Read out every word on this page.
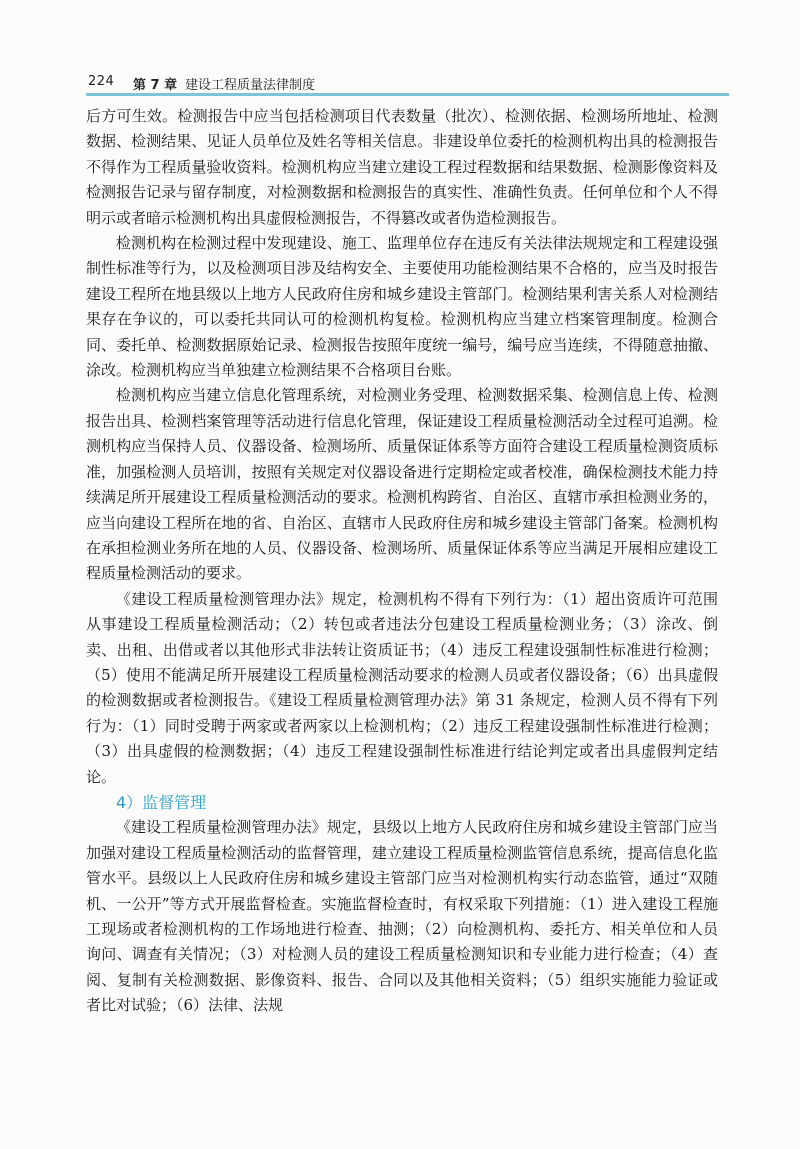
224 第 7 章 建设工程质量法律制度

后方可生效。检测报告中应当包括检测项目代表数量（批次）、检测依据、检测场所地址、检测数据、检测结果、见证人员单位及姓名等相关信息。非建设单位委托的检测机构出具的检测报告不得作为工程质量验收资料。检测机构应当建立建设工程过程数据和结果数据、检测影像资料及检测报告记录与留存制度，对检测数据和检测报告的真实性、准确性负责。任何单位和个人不得明示或者暗示检测机构出具虚假检测报告，不得篡改或者伪造检测报告。

检测机构在检测过程中发现建设、施工、监理单位存在违反有关法律法规规定和工程建设强制性标准等行为，以及检测项目涉及结构安全、主要使用功能检测结果不合格的，应当及时报告建设工程所在地县级以上地方人民政府住房和城乡建设主管部门。检测结果利害关系人对检测结果存在争议的，可以委托共同认可的检测机构复检。检测机构应当建立档案管理制度。检测合同、委托单、检测数据原始记录、检测报告按照年度统一编号，编号应当连续，不得随意抽撤、涂改。检测机构应当单独建立检测结果不合格项目台账。

检测机构应当建立信息化管理系统，对检测业务受理、检测数据采集、检测信息上传、检测报告出具、检测档案管理等活动进行信息化管理，保证建设工程质量检测活动全过程可追溯。检测机构应当保持人员、仪器设备、检测场所、质量保证体系等方面符合建设工程质量检测资质标准，加强检测人员培训，按照有关规定对仪器设备进行定期检定或者校准，确保检测技术能力持续满足所开展建设工程质量检测活动的要求。检测机构跨省、自治区、直辖市承担检测业务的，应当向建设工程所在地的省、自治区、直辖市人民政府住房和城乡建设主管部门备案。检测机构在承担检测业务所在地的人员、仪器设备、检测场所、质量保证体系等应当满足开展相应建设工程质量检测活动的要求。

《建设工程质量检测管理办法》规定，检测机构不得有下列行为：（1）超出资质许可范围从事建设工程质量检测活动；（2）转包或者违法分包建设工程质量检测业务；（3）涂改、倒卖、出租、出借或者以其他形式非法转让资质证书；（4）违反工程建设强制性标准进行检测；（5）使用不能满足所开展建设工程质量检测活动要求的检测人员或者仪器设备；（6）出具虚假的检测数据或者检测报告。《建设工程质量检测管理办法》第 31 条规定，检测人员不得有下列行为：（1）同时受聘于两家或者两家以上检测机构；（2）违反工程建设强制性标准进行检测；（3）出具虚假的检测数据；（4）违反工程建设强制性标准进行结论判定或者出具虚假判定结论。

4）监督管理

《建设工程质量检测管理办法》规定，县级以上地方人民政府住房和城乡建设主管部门应当加强对建设工程质量检测活动的监督管理，建立建设工程质量检测监管信息系统，提高信息化监管水平。县级以上人民政府住房和城乡建设主管部门应当对检测机构实行动态监管，通过“双随机、一公开”等方式开展监督检查。实施监督检查时，有权采取下列措施：（1）进入建设工程施工现场或者检测机构的工作场地进行检查、抽测；（2）向检测机构、委托方、相关单位和人员询问、调查有关情况；（3）对检测人员的建设工程质量检测知识和专业能力进行检查；（4）查阅、复制有关检测数据、影像资料、报告、合同以及其他相关资料；（5）组织实施能力验证或者比对试验；（6）法律、法规
